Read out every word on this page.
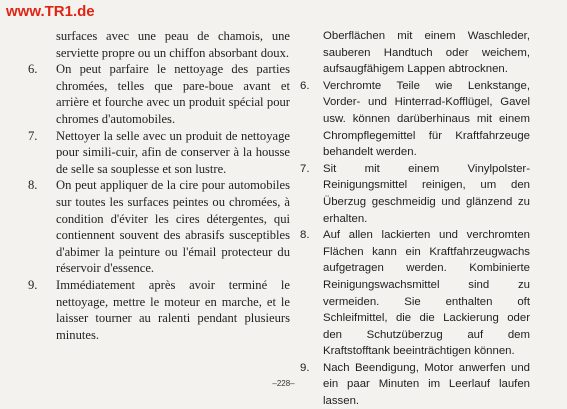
www.TR1.de
surfaces avec une peau de chamois, une serviette propre ou un chiffon absorbant doux.
6. On peut parfaire le nettoyage des parties chromées, telles que pare-boue avant et arrière et fourche avec un produit spécial pour chromes d'automobiles.
7. Nettoyer la selle avec un produit de nettoyage pour simili-cuir, afin de conserver à la housse de selle sa souplesse et son lustre.
8. On peut appliquer de la cire pour automobiles sur toutes les surfaces peintes ou chromées, à condition d'éviter les cires détergentes, qui contiennent souvent des abrasifs susceptibles d'abimer la peinture ou l'émail protecteur du réservoir d'essence.
9. Immédiatement après avoir terminé le nettoyage, mettre le moteur en marche, et le laisser tourner au ralenti pendant plusieurs minutes.
Oberflächen mit einem Waschleder, sauberen Handtuch oder weichem, aufsaugfähigem Lappen abtrocknen.
6. Verchromte Teile wie Lenkstange, Vorder- und Hinterrad-Kofflügel, Gavel usw. können darüberhinaus mit einem Chrompflegemittel für Kraftfahrzeuge behandelt werden.
7. Sit mit einem Vinylpolster-Reinigungsmittel reinigen, um den Überzug geschmeidig und glänzend zu erhalten.
8. Auf allen lackierten und verchromten Flächen kann ein Kraftfahrzeugwachs aufgetragen werden. Kombinierte Reinigungswachsmittel sind zu vermeiden. Sie enthalten oft Schleifmittel, die die Lackierung oder den Schutzüberzug auf dem Kraftstofftank beeinträchtigen können.
9. Nach Beendigung, Motor anwerfen und ein paar Minuten im Leerlauf laufen lassen.
–228–
